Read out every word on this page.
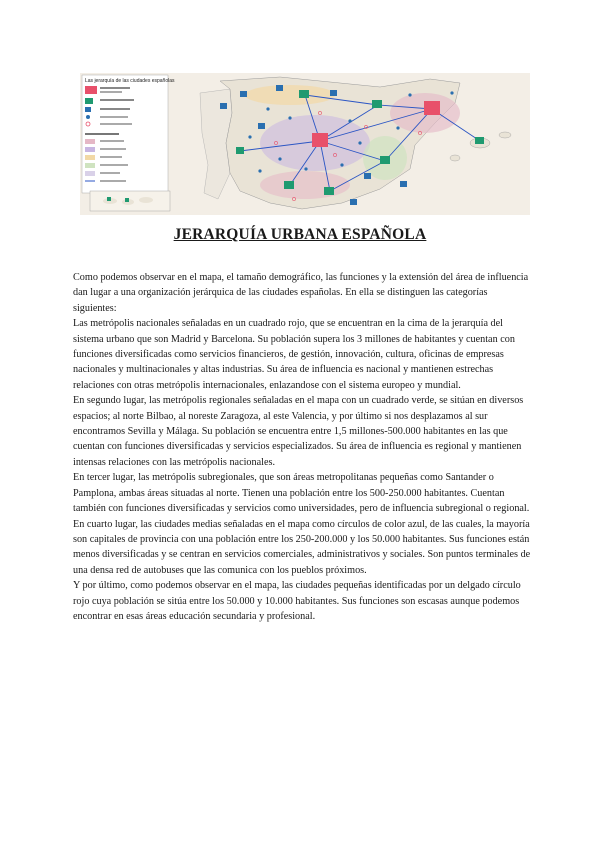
Las jerarquía de las ciudades españolas
JERARQUÍA URBANA ESPAÑOLA

Como podemos observar en el mapa, el tamaño demográfico, las funciones y la extensión del área de influencia dan lugar a una organización jerárquica de las ciudades españolas. En ella se distinguen las categorías siguientes:

Las metrópolis nacionales señaladas en un cuadrado rojo, que se encuentran en la cima de la jerarquía del sistema urbano que son Madrid y Barcelona. Su población supera los 3 millones de habitantes y cuentan con funciones diversificadas como servicios financieros, de gestión, innovación, cultura, oficinas de empresas nacionales y multinacionales y altas industrias. Su área de influencia es nacional y mantienen estrechas relaciones con otras metrópolis internacionales, enlazandose con el sistema europeo y mundial.

En segundo lugar, las metrópolis regionales señaladas en el mapa con un cuadrado verde, se sitúan en diversos espacios; al norte Bilbao, al noreste Zaragoza, al este Valencia, y por último si nos desplazamos al sur encontramos Sevilla y Málaga. Su población se encuentra entre 1,5 millones-500.000 habitantes en las que cuentan con funciones diversificadas y servicios especializados. Su área de influencia es regional y mantienen intensas relaciones con las metrópolis nacionales.

En tercer lugar, las metrópolis subregionales, que son áreas metropolitanas pequeñas como Santander o Pamplona, ambas áreas situadas al norte. Tienen una población entre los 500-250.000 habitantes. Cuentan también con funciones diversificadas y servicios como universidades, pero de influencia subregional o regional.

En cuarto lugar, las ciudades medias señaladas en el mapa como círculos de color azul, de las cuales, la mayoría son capitales de provincia con una población entre los 250-200.000 y los 50.000 habitantes. Sus funciones están menos diversificadas y se centran en servicios comerciales, administrativos y sociales. Son puntos terminales de una densa red de autobuses que las comunica con los pueblos próximos.

Y por último, como podemos observar en el mapa, las ciudades pequeñas identificadas por un delgado círculo rojo cuya población se sitúa entre los 50.000 y 10.000 habitantes. Sus funciones son escasas aunque podemos encontrar en esas áreas educación secundaria y profesional.
